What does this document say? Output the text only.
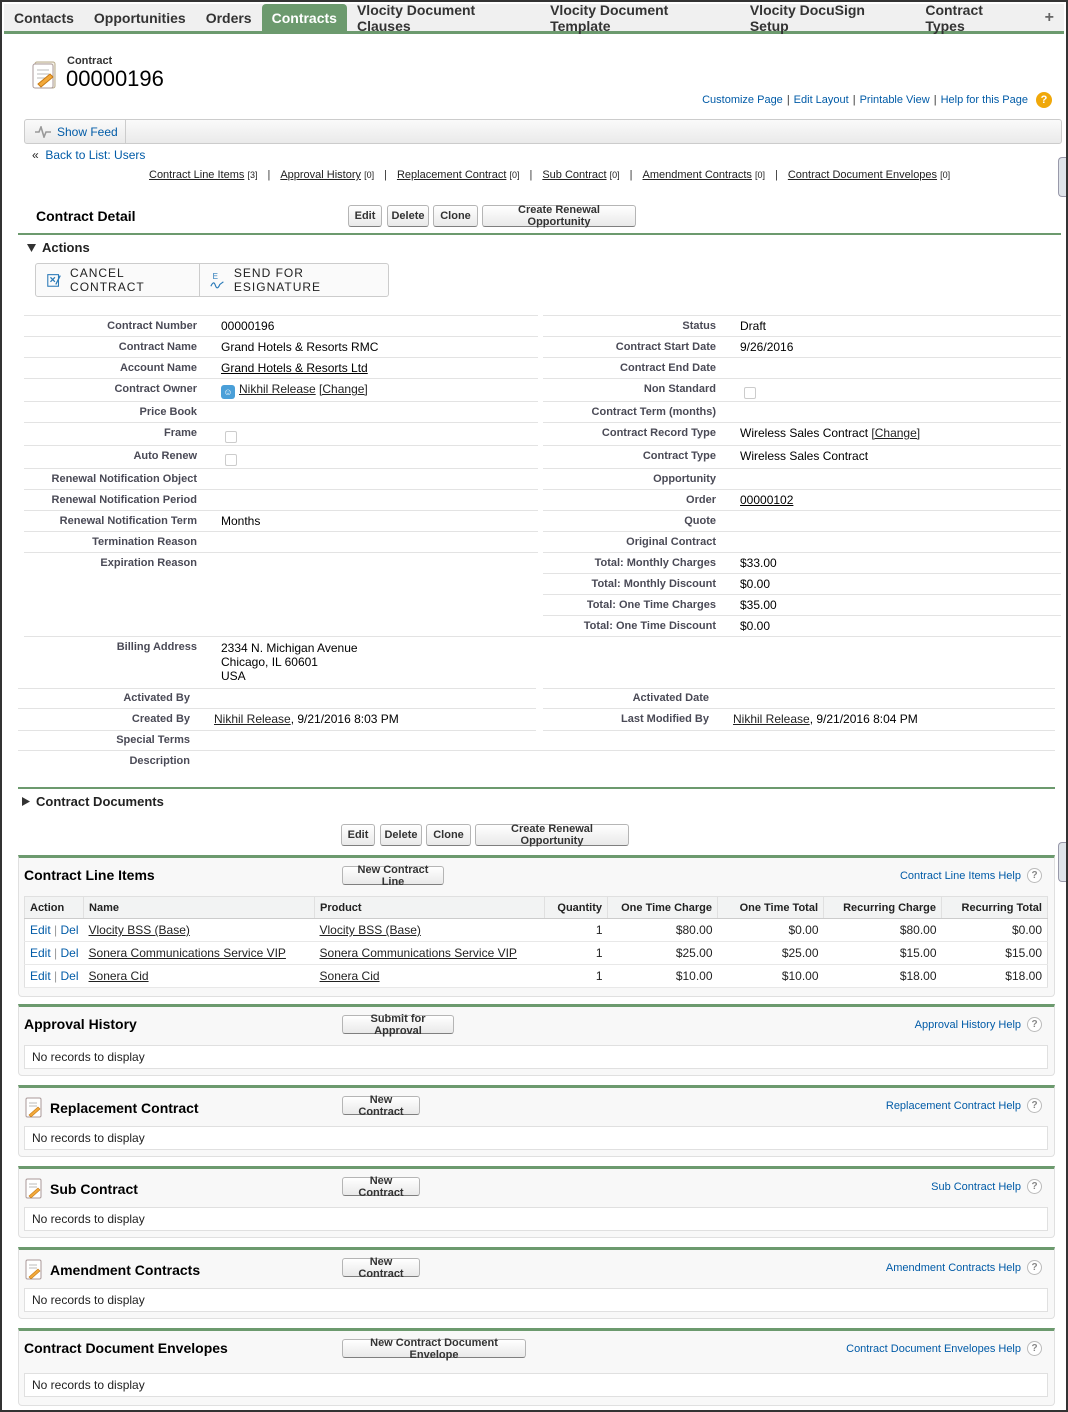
Contacts	Opportunities	Orders	Contracts	Vlocity Document Clauses
Vlocity Document Template
Vlocity DocuSign Setup
Contract Types	+
Contract
00000196
Customize Page | Edit Layout | Printable View | Help for this Page	?
Show Feed
« Back to List: Users
Contract Line Items [3] | Approval History [0] | Replacement Contract [0] | Sub Contract [0] | Amendment Contracts [0] | Contract Document Envelopes [0]
Contract Detail	Edit	Delete	Clone	Create Renewal Opportunity
Actions
CANCEL CONTRACT
E SEND FOR ESIGNATURE
Contract Number 00000196
Contract Name Grand Hotels & Resorts RMC
Account Name Grand Hotels & Resorts Ltd
Contract Owner	☺ Nikhil Release [Change]
Price Book
Frame
Auto Renew
Renewal Notification Object
Renewal Notification Period
Renewal Notification Term Months
Termination Reason
Expiration Reason
Status Draft
Contract Start Date 9/26/2016
Contract End Date
Non Standard
Contract Term (months)
Contract Record Type Wireless Sales Contract [Change]
Contract Type Wireless Sales Contract
Opportunity
Order 00000102
Quote
Original Contract
Total: Monthly Charges $33.00
Total: Monthly Discount $0.00
Total: One Time Charges $35.00
Total: One Time Discount $0.00
Billing Address 2334 N. Michigan Avenue
Chicago, IL 60601
USA
Activated By	Activated Date
Created By Nikhil Release, 9/21/2016 8:03 PM	Last Modified By Nikhil Release, 9/21/2016 8:04 PM
Special Terms
Description
Contract Documents
Edit	Delete	Clone	Create Renewal Opportunity
Contract Line Items	New Contract Line	Contract Line Items Help	?
Action	Name	Product	Quantity	One Time Charge	One Time Total	Recurring Charge	Recurring Total
Edit | Del	Vlocity BSS (Base)	Vlocity BSS (Base)	1	$80.00	$0.00	$80.00	$0.00
Edit | Del	Sonera Communications Service VIP	Sonera Communications Service VIP	1	$25.00	$25.00	$15.00	$15.00
Edit | Del	Sonera Cid	Sonera Cid	1	$10.00	$10.00	$18.00	$18.00
Approval History	Submit for Approval	Approval History Help	?
No records to display
Replacement Contract
New Contract	Replacement Contract Help	?
No records to display
Sub Contract
New Contract	Sub Contract Help	?
No records to display
Amendment Contracts
New Contract	Amendment Contracts Help	?
No records to display
Contract Document Envelopes	New Contract Document Envelope	Contract Document Envelopes Help	?
No records to display
